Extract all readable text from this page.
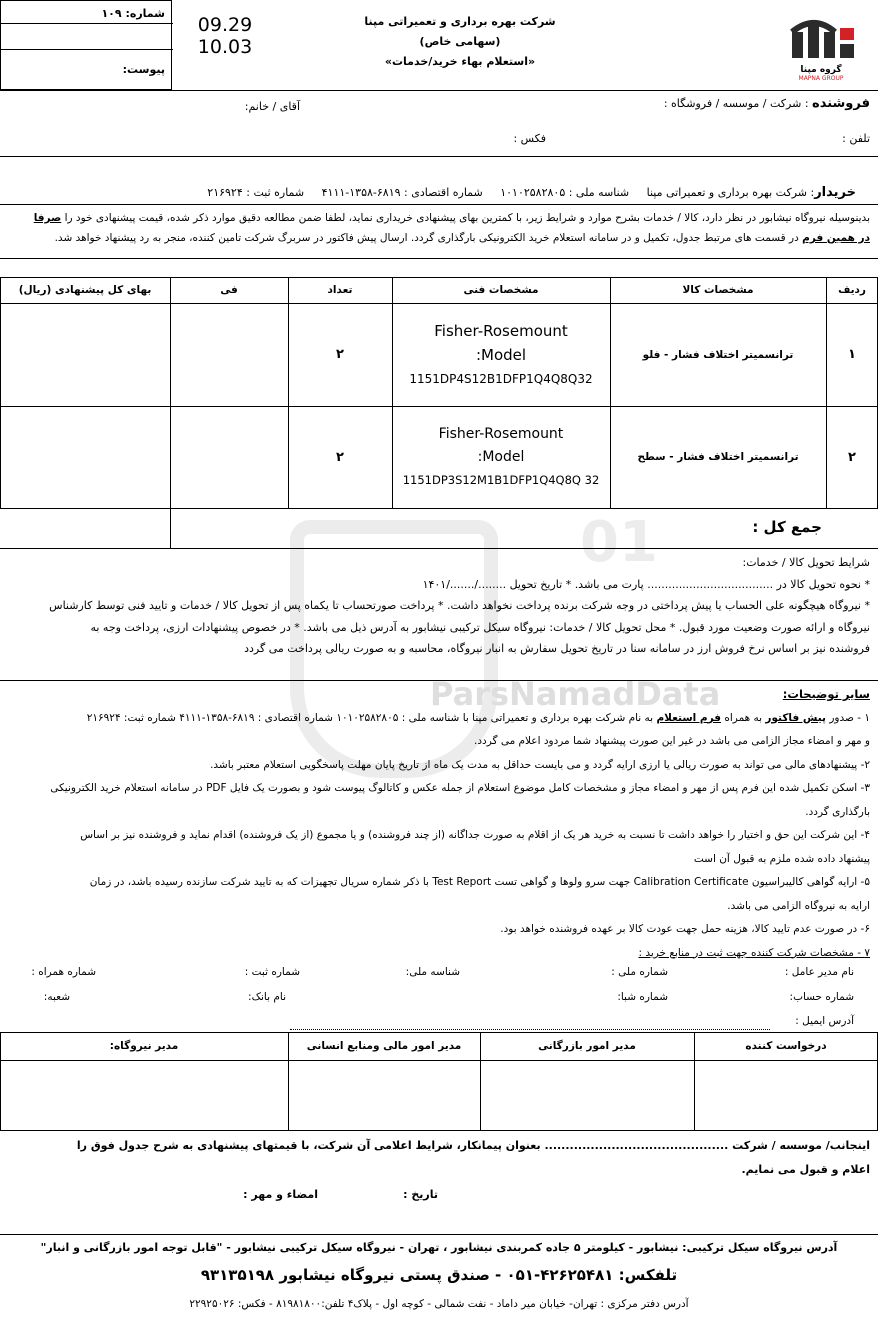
01
ParsNamadData
شماره: ۱۰۹
پیوست:
09.29
10.03
شرکت بهره برداری و تعمیراتی مپنا
(سهامی خاص)
«استعلام بهاء خرید/خدمات»
گروه مپنا
MAPNA GROUP
فروشنده : شرکت / موسسه / فروشگاه :
آقای / خانم:
تلفن :
فکس :

خریدار: شرکت بهره برداری و تعمیراتی مپنا     شناسه ملی : ۱۰۱۰۲۵۸۲۸۰۵     شماره اقتصادی : ۶۸۱۹-۱۳۵۸-۴۱۱۱     شماره ثبت : ۲۱۶۹۲۴

بدینوسیله نیروگاه نیشابور در نظر دارد، کالا / خدمات بشرح موارد و شرایط زیر، با کمترین بهای پیشنهادی خریداری نماید، لطفا ضمن مطالعه دقیق موارد ذکر شده، قیمت پیشنهادی خود را صرفا
در همین فرم در قسمت های مرتبط جدول، تکمیل و در سامانه استعلام خرید الکترونیکی بارگذاری گردد. ارسال پیش فاکتور در سربرگ شرکت تامین کننده، منجر به رد پیشنهاد خواهد شد.
ردیف
مشخصات کالا
مشخصات فنی
تعداد
فی
بهای کل پیشنهادی (ریال)
۱
ترانسمیتر اختلاف فشار - فلو
Fisher-Rosemount
:Model
1151DP4S12B1DFP1Q4Q8Q32
۲
۲
ترانسمیتر اختلاف فشار - سطح
Fisher-Rosemount
:Model
1151DP3S12M1B1DFP1Q4Q8Q 32
۲
جمع کل :
شرایط تحویل کالا / خدمات:
* نحوه تحویل کالا در .................................... پارت می باشد. * تاریخ تحویل ......../......./۱۴۰۱
* نیروگاه هیچگونه علی الحساب یا پیش پرداختی در وجه شرکت برنده پرداخت نخواهد داشت. * پرداخت صورتحساب تا یکماه پس از تحویل کالا / خدمات و تایید فنی توسط کارشناس
نیروگاه و ارائه صورت وضعیت مورد قبول. * محل تحویل کالا / خدمات: نیروگاه سیکل ترکیبی نیشابور به آدرس ذیل می باشد. * در خصوص پیشنهادات ارزی، پرداخت وجه به
فروشنده نیز بر اساس نرخ فروش ارز در سامانه سنا در تاریخ تحویل سفارش به انبار نیروگاه، محاسبه و به صورت ریالی پرداخت می گردد
سایر توضیحات:
۱ - صدور پیش فاکتور به همراه فرم استعلام به نام شرکت بهره برداری و تعمیراتی مپنا با شناسه ملی : ۱۰۱۰۲۵۸۲۸۰۵ شماره اقتصادی : ۶۸۱۹-۱۳۵۸-۴۱۱۱ شماره ثبت: ۲۱۶۹۲۴
و مهر و امضاء مجاز الزامی می باشد در غیر این صورت پیشنهاد شما مردود اعلام می گردد.
۲- پیشنهادهای مالی می تواند به صورت ریالی یا ارزی ارایه گردد و می بایست حداقل به مدت یک ماه از تاریخ پایان مهلت پاسخگویی استعلام معتبر باشد.
۳- اسکن تکمیل شده این فرم پس از مهر و امضاء مجاز و مشخصات کامل موضوع استعلام از جمله عکس و کاتالوگ پیوست شود و بصورت یک فایل PDF در سامانه استعلام خرید الکترونیکی
بارگذاری گردد.
۴- این شرکت این حق و اختیار را خواهد داشت تا نسبت به خرید هر یک از اقلام به صورت جداگانه (از چند فروشنده) و یا مجموع (از یک فروشنده) اقدام نماید و فروشنده نیز بر اساس
پیشنهاد داده شده ملزم به قبول آن است
۵- ارایه گواهی کالیبراسیون Calibration Certificate جهت سرو ولوها و گواهی تست Test Report با ذکر شماره سریال تجهیزات که به تایید شرکت سازنده رسیده باشد، در زمان
ارایه به نیروگاه الزامی می باشد.
۶- در صورت عدم تایید کالا، هزینه حمل جهت عودت کالا بر عهده فروشنده خواهد بود.
۷ - مشخصات شرکت کننده جهت ثبت در منابع خرید :
نام مدیر عامل :
شماره ملی :
شناسه ملی:
شماره ثبت :
شماره همراه :
شماره حساب:
شماره شبا:
نام بانک:
شعبه:
آدرس ایمیل :
درخواست کننده
مدیر امور بازرگانی
مدیر امور مالی ومنابع انسانی
مدیر نیروگاه:
اینجانب/ موسسه / شرکت ............................................ بعنوان پیمانکار، شرایط اعلامی آن شرکت، با قیمتهای پیشنهادی به شرح جدول فوق را
اعلام و قبول می نمایم.
تاریخ :
امضاء و مهر :
آدرس نیروگاه سیکل ترکیبی: نیشابور - کیلومتر ۵ جاده کمربندی نیشابور ، تهران - نیروگاه سیکل ترکیبی نیشابور - "قابل توجه امور بازرگانی و انبار"
تلفکس: ۴۲۶۲۵۴۸۱-۰۵۱ - صندق پستی نیروگاه نیشابور ۹۳۱۳۵۱۹۸
آدرس دفتر مرکزی : تهران- خیابان میر داماد - نفت شمالی - کوچه اول - پلاک۴ تلفن:۸۱۹۸۱۸۰۰ - فکس: ۲۲۹۲۵۰۲۶
